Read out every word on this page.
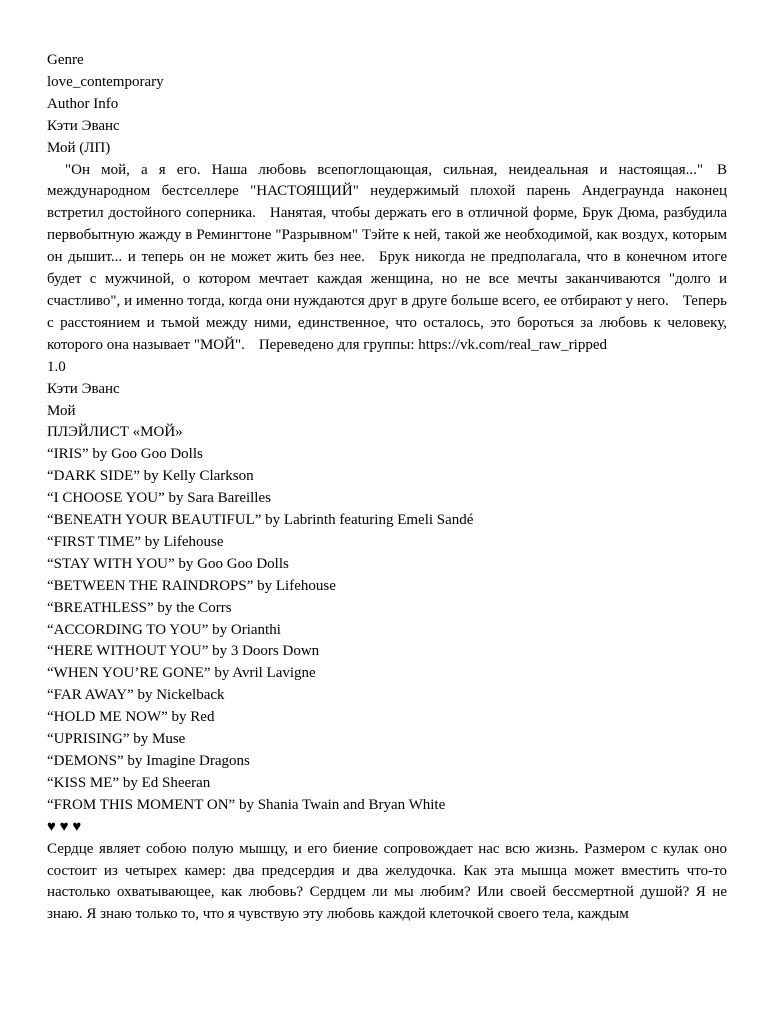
Genre
love_contemporary
Author Info
Кэти Эванс
Мой (ЛП)
"Он мой, а я его. Наша любовь всепоглощающая, сильная, неидеальная и настоящая..." В международном бестселлере "НАСТОЯЩИЙ" неудержимый плохой парень Андеграунда наконец встретил достойного соперника. Нанятая, чтобы держать его в отличной форме, Брук Дюма, разбудила первобытную жажду в Ремингтоне "Разрывном" Тэйте к ней, такой же необходимой, как воздух, которым он дышит... и теперь он не может жить без нее. Брук никогда не предполагала, что в конечном итоге будет с мужчиной, о котором мечтает каждая женщина, но не все мечты заканчиваются "долго и счастливо", и именно тогда, когда они нуждаются друг в друге больше всего, ее отбирают у него. Теперь с расстоянием и тьмой между ними, единственное, что осталось, это бороться за любовь к человеку, которого она называет "МОЙ". Переведено для группы: https://vk.com/real_raw_ripped
1.0
Кэти Эванс
Мой
ПЛЭЙЛИСТ «МОЙ»
“IRIS” by Goo Goo Dolls
“DARK SIDE” by Kelly Clarkson
“I CHOOSE YOU” by Sara Bareilles
“BENEATH YOUR BEAUTIFUL” by Labrinth featuring Emeli Sandé
“FIRST TIME” by Lifehouse
“STAY WITH YOU” by Goo Goo Dolls
“BETWEEN THE RAINDROPS” by Lifehouse
“BREATHLESS” by the Corrs
“ACCORDING TO YOU” by Orianthi
“HERE WITHOUT YOU” by 3 Doors Down
“WHEN YOU’RE GONE” by Avril Lavigne
“FAR AWAY” by Nickelback
“HOLD ME NOW” by Red
“UPRISING” by Muse
“DEMONS” by Imagine Dragons
“KISS ME” by Ed Sheeran
“FROM THIS MOMENT ON” by Shania Twain and Bryan White
♥ ♥ ♥
Сердце являет собою полую мышцу, и его биение сопровождает нас всю жизнь. Размером с кулак оно состоит из четырех камер: два предсердия и два желудочка. Как эта мышца может вместить что-то настолько охватывающее, как любовь? Сердцем ли мы любим? Или своей бессмертной душой? Я не знаю. Я знаю только то, что я чувствую эту любовь каждой клеточкой своего тела, каждым
